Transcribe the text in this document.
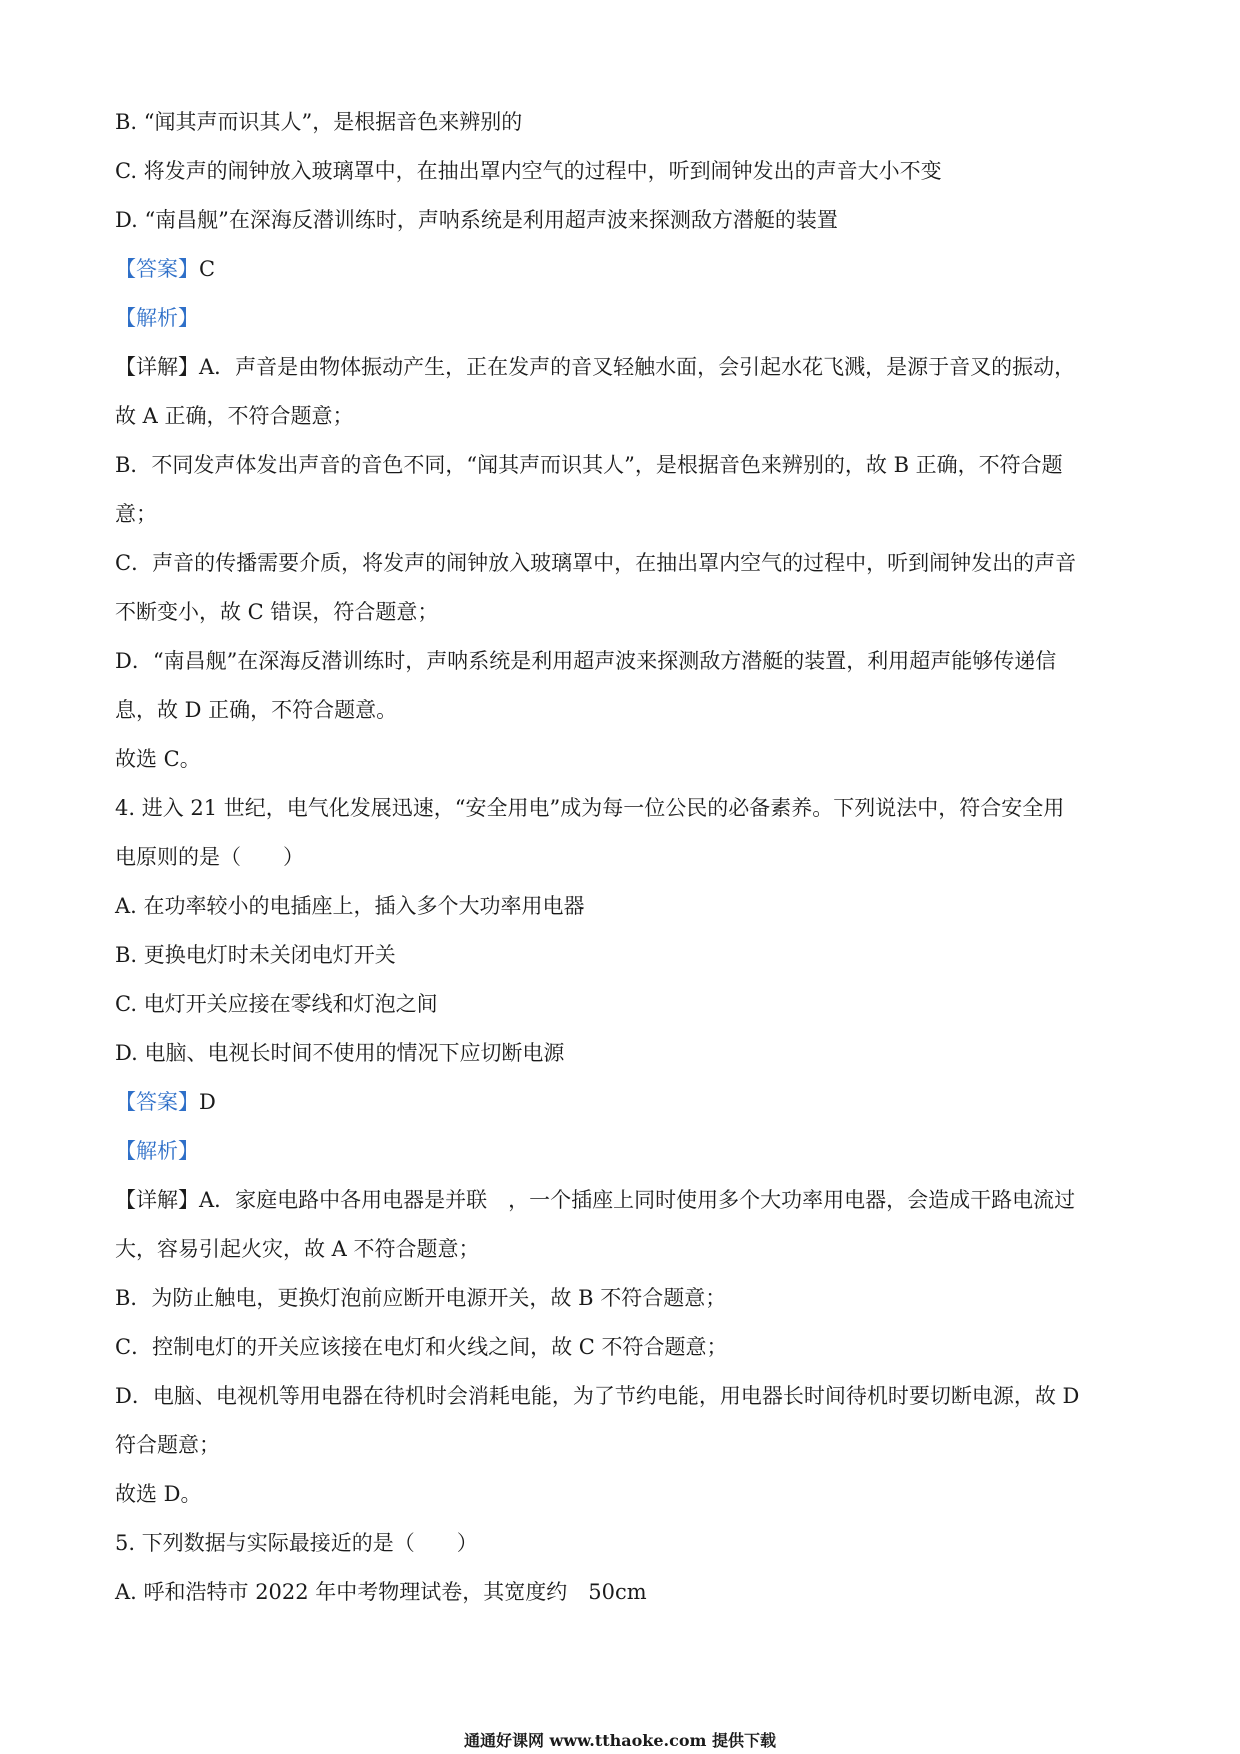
B. “闻其声而识其人”，是根据音色来辨别的
C. 将发声的闹钟放入玻璃罩中，在抽出罩内空气的过程中，听到闹钟发出的声音大小不变
D. “南昌舰”在深海反潜训练时，声呐系统是利用超声波来探测敌方潜艇的装置
【答案】C
【解析】
【详解】A．声音是由物体振动产生，正在发声的音叉轻触水面，会引起水花飞溅，是源于音叉的振动，
故 A 正确，不符合题意；
B．不同发声体发出声音的音色不同，“闻其声而识其人”，是根据音色来辨别的，故 B 正确，不符合题
意；
C．声音的传播需要介质，将发声的闹钟放入玻璃罩中，在抽出罩内空气的过程中，听到闹钟发出的声音
不断变小，故 C 错误，符合题意；
D．“南昌舰”在深海反潜训练时，声呐系统是利用超声波来探测敌方潜艇的装置，利用超声能够传递信
息，故 D 正确，不符合题意。
故选 C。
4. 进入 21 世纪，电气化发展迅速，“安全用电”成为每一位公民的必备素养。下列说法中，符合安全用
电原则的是（　　）
A. 在功率较小的电插座上，插入多个大功率用电器
B. 更换电灯时未关闭电灯开关
C. 电灯开关应接在零线和灯泡之间
D. 电脑、电视长时间不使用的情况下应切断电源
【答案】D
【解析】
【详解】A．家庭电路中各用电器是并联　，一个插座上同时使用多个大功率用电器，会造成干路电流过
大，容易引起火灾，故 A 不符合题意；
B．为防止触电，更换灯泡前应断开电源开关，故 B 不符合题意；
C．控制电灯的开关应该接在电灯和火线之间，故 C 不符合题意；
D．电脑、电视机等用电器在待机时会消耗电能，为了节约电能，用电器长时间待机时要切断电源，故 D
符合题意；
故选 D。
5. 下列数据与实际最接近的是（　　）
A. 呼和浩特市 2022 年中考物理试卷，其宽度约　50cm
通通好课网 www.tthaoke.com 提供下载
